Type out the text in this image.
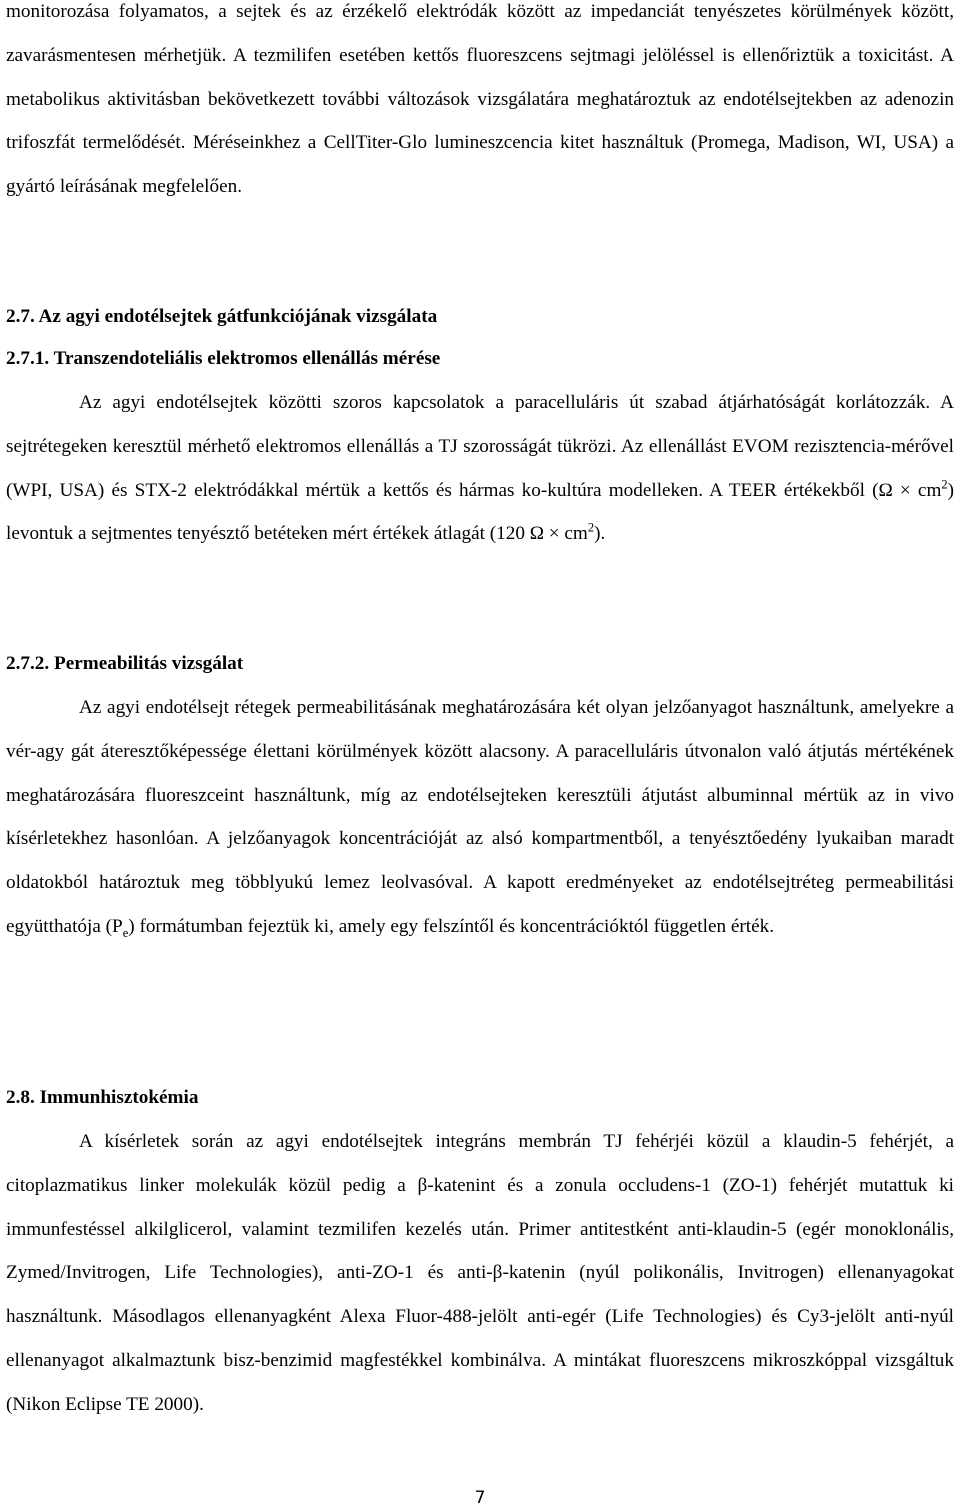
monitorozása folyamatos, a sejtek és az érzékelő elektródák között az impedanciát tenyészetes körülmények között, zavarásmentesen mérhetjük. A tezmilifen esetében kettős fluoreszcens sejtmagi jelöléssel is ellenőriztük a toxicitást. A metabolikus aktivitásban bekövetkezett további változások vizsgálatára meghatároztuk az endotélsejtekben az adenozin trifoszfát termelődését. Méréseinkhez a CellTiter-Glo lumineszcencia kitet használtuk (Promega, Madison, WI, USA) a gyártó leírásának megfelelően.

2.7. Az agyi endotélsejtek gátfunkciójának vizsgálata
2.7.1. Transzendoteliális elektromos ellenállás mérése

Az agyi endotélsejtek közötti szoros kapcsolatok a paracelluláris út szabad átjárhatóságát korlátozzák. A sejtrétegeken keresztül mérhető elektromos ellenállás a TJ szorosságát tükrözi. Az ellenállást EVOM rezisztencia-mérővel (WPI, USA) és STX-2 elektródákkal mértük a kettős és hármas ko-kultúra modelleken. A TEER értékekből $(\Omega \times cm^2)$ levontuk a sejtmentes tenyésztő betéteken mért értékek átlagát (120 $\Omega \times cm^2$).

2.7.2. Permeabilitás vizsgálat

Az agyi endotélsejt rétegek permeabilitásának meghatározására két olyan jelzőanyagot használtunk, amelyekre a vér-agy gát áteresztőképessége élettani körülmények között alacsony. A paracelluláris útvonalon való átjutás mértékének meghatározására fluoreszceint használtunk, míg az endotélsejteken keresztüli átjutást albuminnal mértük az in vivo kísérletekhez hasonlóan. A jelzőanyagok koncentrációját az alsó kompartmentből, a tenyésztőedény lyukaiban maradt oldatokból határoztuk meg többlyukú lemez leolvasóval. A kapott eredményeket az endotélsejtréteg permeabilitási együtthatója $(P_e)$ formátumban fejeztük ki, amely egy felszíntől és koncentrációktól független érték.

2.8. Immunhisztokémia

A kísérletek során az agyi endotélsejtek integráns membrán TJ fehérjéi közül a klaudin-5 fehérjét, a citoplazmatikus linker molekulák közül pedig a β-katenint és a zonula occludens-1 (ZO-1) fehérjét mutattuk ki immunfestéssel alkilglicerol, valamint tezmilifen kezelés után. Primer antitestként anti-klaudin-5 (egér monoklonális, Zymed/Invitrogen, Life Technologies), anti-ZO-1 és anti-β-katenin (nyúl polikonális, Invitrogen) ellenanyagokat használtunk. Másodlagos ellenanyagként Alexa Fluor-488-jelölt anti-egér (Life Technologies) és Cy3-jelölt anti-nyúl ellenanyagot alkalmaztunk bisz-benzimid magfestékkel kombinálva. A mintákat fluoreszcens mikroszkóppal vizsgáltuk (Nikon Eclipse TE 2000).

7
